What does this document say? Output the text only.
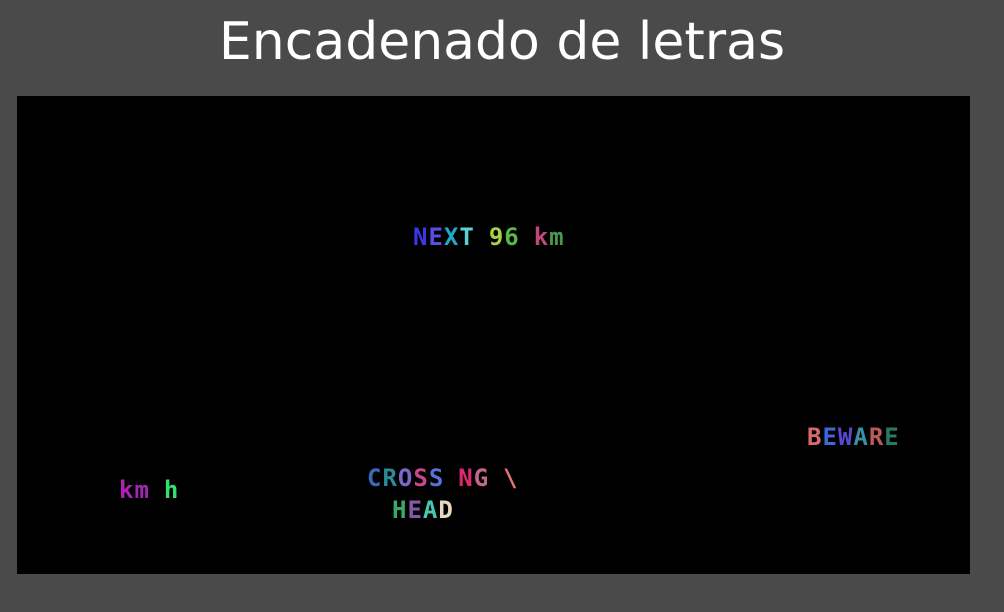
Encadenado de letras
NEXT 96 km
BEWARE
km h	CROSS NG \
HEAD
